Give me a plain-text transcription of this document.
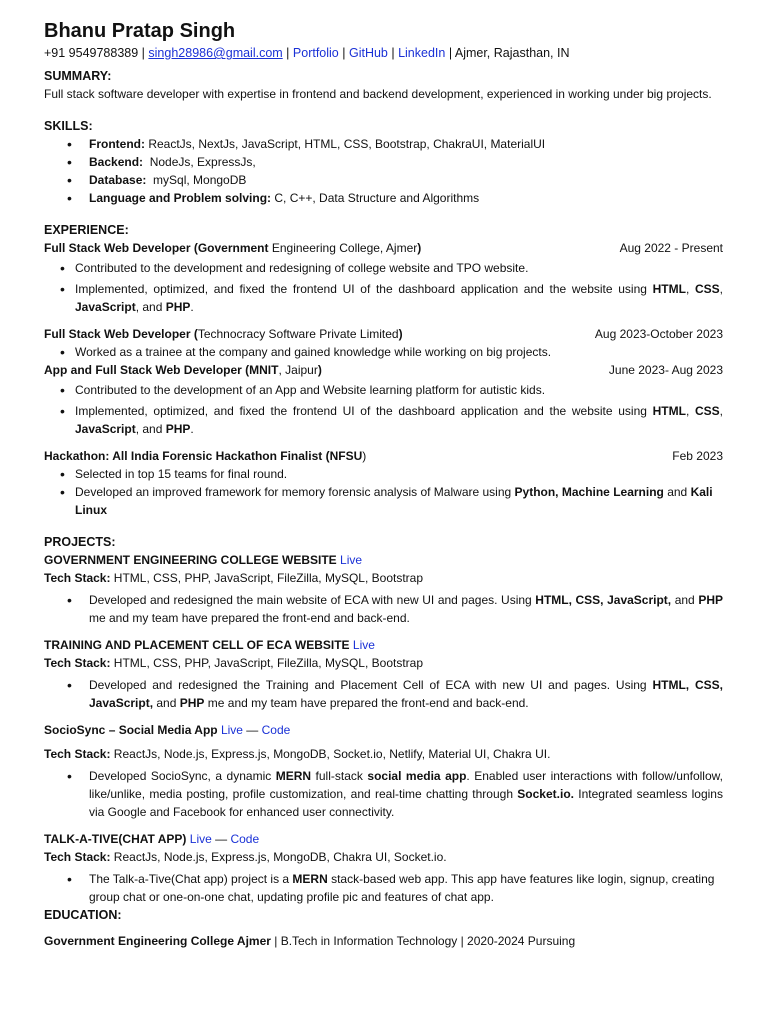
Bhanu Pratap Singh

+91 9549788389 | singh28986@gmail.com | Portfolio | GitHub | LinkedIn | Ajmer, Rajasthan, IN

SUMMARY:

Full stack software developer with expertise in frontend and backend development, experienced in working under big projects.

SKILLS:

• Frontend: ReactJs, NextJs, JavaScript, HTML, CSS, Bootstrap, ChakraUI, MaterialUI
• Backend:  NodeJs, ExpressJs,
• Database:  mySql, MongoDB
• Language and Problem solving: C, C++, Data Structure and Algorithms

EXPERIENCE:

Full Stack Web Developer (Government Engineering College, Ajmer)	Aug 2022 - Present
• Contributed to the development and redesigning of college website and TPO website.
• Implemented, optimized, and fixed the frontend UI of the dashboard application and the website using HTML, CSS, JavaScript, and PHP.
Full Stack Web Developer (Technocracy Software Private Limited)	Aug 2023-October 2023
• Worked as a trainee at the company and gained knowledge while working on big projects.
App and Full Stack Web Developer (MNIT, Jaipur)	June 2023- Aug 2023
• Contributed to the development of an App and Website learning platform for autistic kids.
• Implemented, optimized, and fixed the frontend UI of the dashboard application and the website using HTML, CSS, JavaScript, and PHP.
Hackathon: All India Forensic Hackathon Finalist (NFSU)	Feb 2023
• Selected in top 15 teams for final round.
• Developed an improved framework for memory forensic analysis of Malware using Python, Machine Learning and Kali Linux

PROJECTS:

GOVERNMENT ENGINEERING COLLEGE WEBSITE Live

Tech Stack: HTML, CSS, PHP, JavaScript, FileZilla, MySQL, Bootstrap

• Developed and redesigned the main website of ECA with new UI and pages. Using HTML, CSS, JavaScript, and PHP me and my team have prepared the front-end and back-end.

TRAINING AND PLACEMENT CELL OF ECA WEBSITE Live

Tech Stack: HTML, CSS, PHP, JavaScript, FileZilla, MySQL, Bootstrap

• Developed and redesigned the Training and Placement Cell of ECA with new UI and pages. Using HTML, CSS, JavaScript, and PHP me and my team have prepared the front-end and back-end.

SocioSync – Social Media App Live — Code

Tech Stack: ReactJs, Node.js, Express.js, MongoDB, Socket.io, Netlify, Material UI, Chakra UI.

• Developed SocioSync, a dynamic MERN full-stack social media app. Enabled user interactions with follow/unfollow, like/unlike, media posting, profile customization, and real-time chatting through Socket.io. Integrated seamless logins via Google and Facebook for enhanced user connectivity.

TALK-A-TIVE(CHAT APP) Live — Code

Tech Stack: ReactJs, Node.js, Express.js, MongoDB, Chakra UI, Socket.io.

• The Talk-a-Tive(Chat app) project is a MERN stack-based web app. This app have features like login, signup, creating group chat or one-on-one chat, updating profile pic and features of chat app.

EDUCATION:

Government Engineering College Ajmer | B.Tech in Information Technology | 2020-2024 Pursuing
